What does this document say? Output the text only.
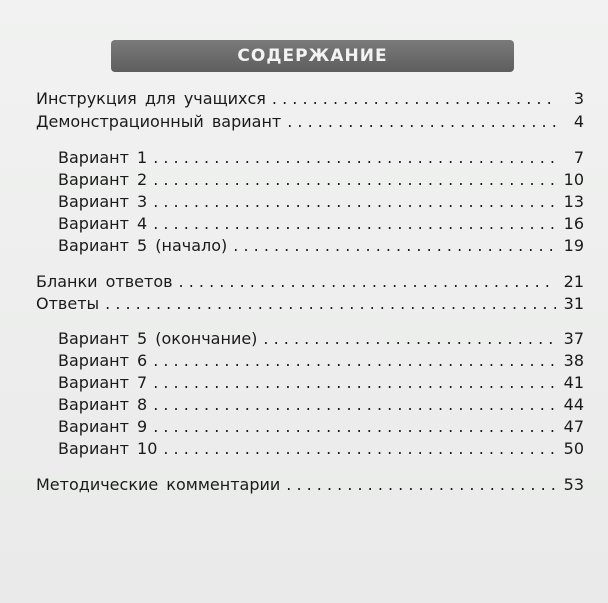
СОДЕРЖАНИЕ
Инструкция для учащихся . . .	3
Демонстрационный вариант . . .	4
Вариант 1 . . .	7
Вариант 2 . . .	10
Вариант 3 . . .	13
Вариант 4 . . .	16
Вариант 5 (начало) . . .	19
Бланки ответов . . .	21
Ответы . . .	31
Вариант 5 (окончание) . . .	37
Вариант 6 . . .	38
Вариант 7 . . .	41
Вариант 8 . . .	44
Вариант 9 . . .	47
Вариант 10 . . .	50
Методические комментарии . . .	53
